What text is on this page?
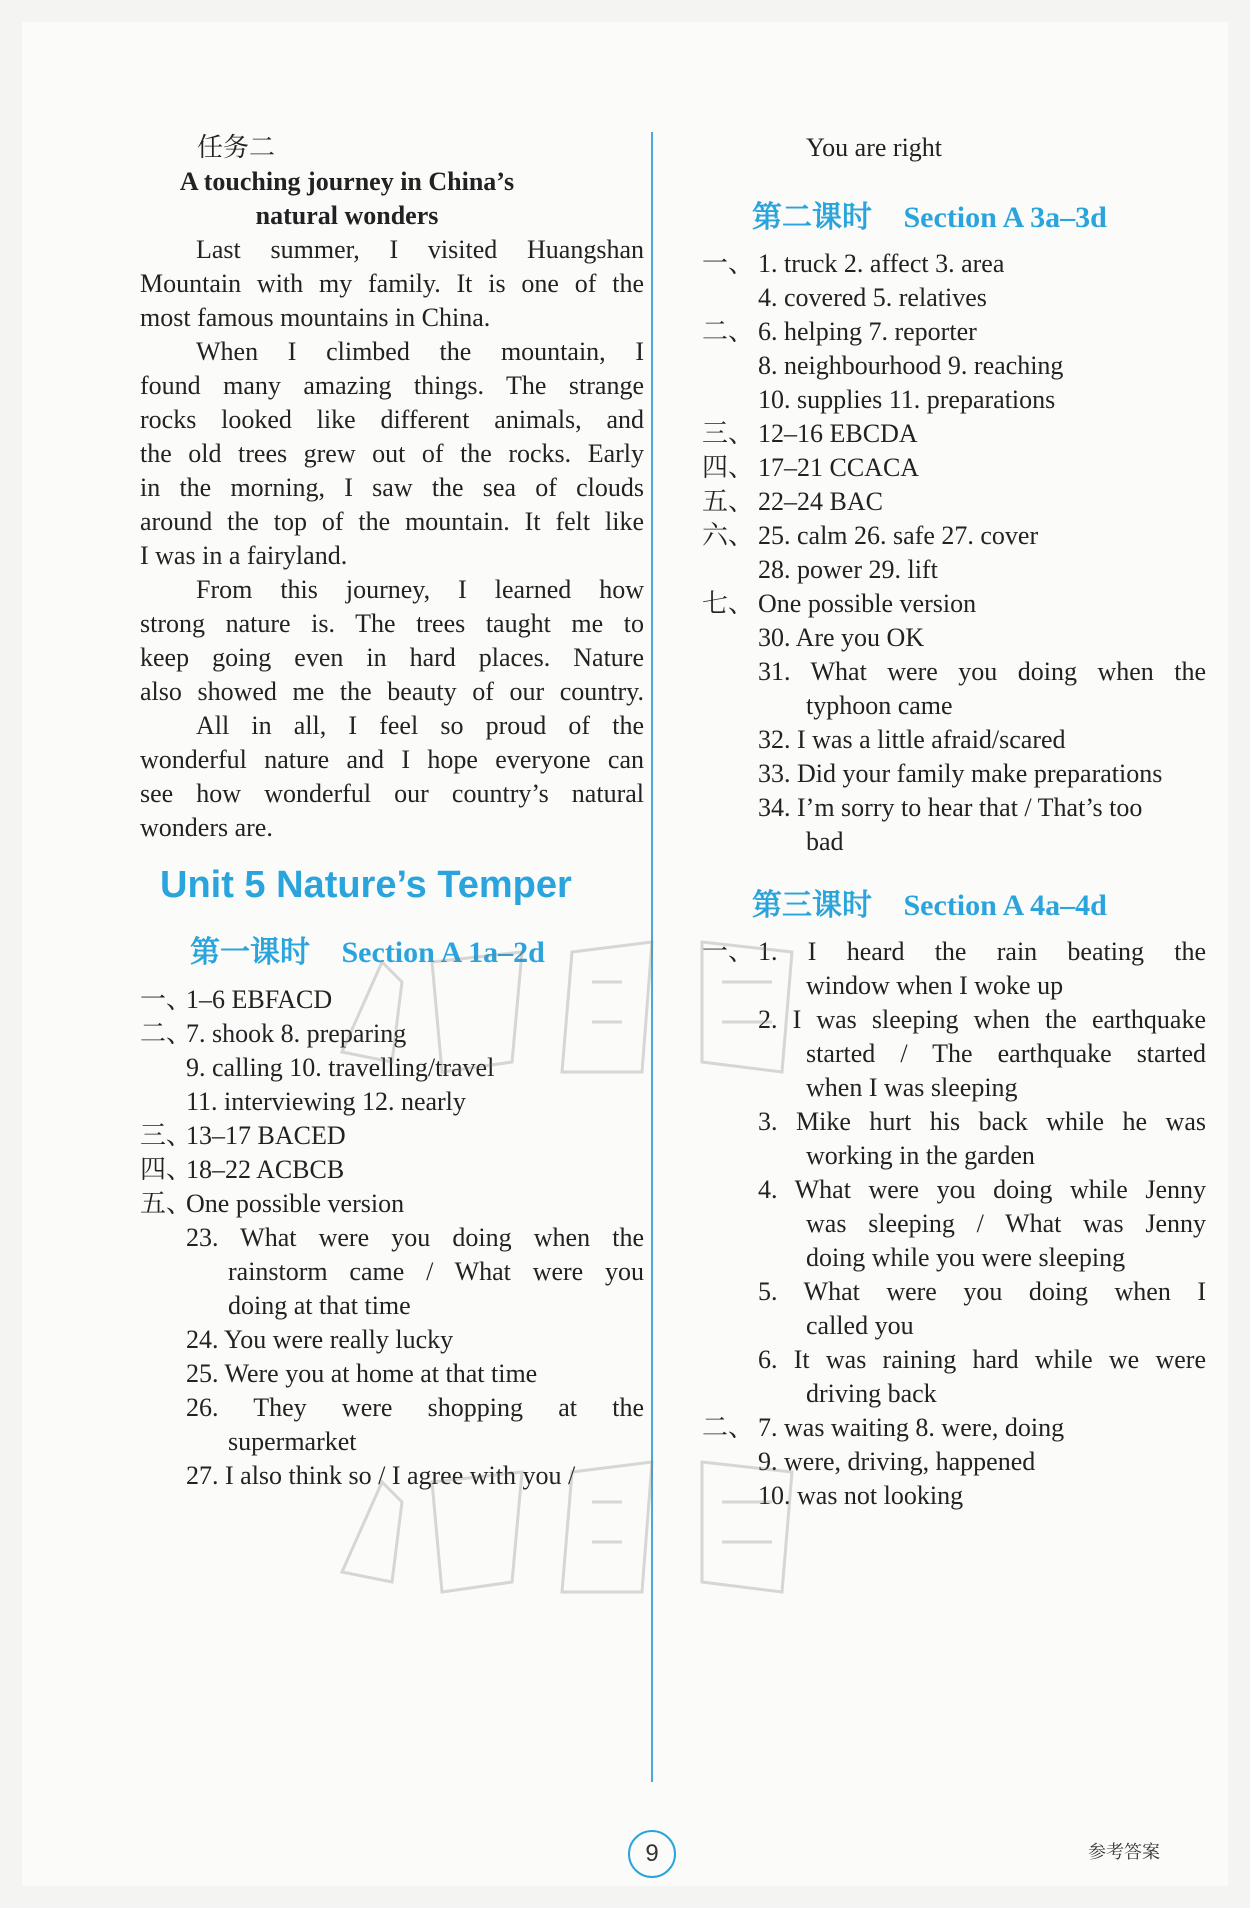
任务二
A touching journey in China’s
natural wonders
Last summer, I visited Huangshan
Mountain with my family. It is one of the
most famous mountains in China.
When I climbed the mountain, I
found many amazing things. The strange
rocks looked like different animals, and
the old trees grew out of the rocks. Early
in the morning, I saw the sea of clouds
around the top of the mountain. It felt like
I was in a fairyland.
From this journey, I learned how
strong nature is. The trees taught me to
keep going even in hard places. Nature
also showed me the beauty of our country.
All in all, I feel so proud of the
wonderful nature and I hope everyone can
see how wonderful our country’s natural
wonders are.
Unit 5 Nature’s Temper
第一课时 Section A 1a–2d
一、
1–6 EBFACD
二、
7. shook 8. preparing
9. calling 10. travelling/travel
11. interviewing 12. nearly
三、
13–17 BACED
四、
18–22 ACBCB
五、
One possible version
23. What were you doing when the
rainstorm came / What were you
doing at that time
24. You were really lucky
25. Were you at home at that time
26. They were shopping at the
supermarket
27. I also think so / I agree with you /
You are right
第二课时 Section A 3a–3d
一、 1. truck 2. affect 3. area
4. covered 5. relatives
二、 6. helping 7. reporter
8. neighbourhood 9. reaching
10. supplies 11. preparations
三、 12–16 EBCDA
四、 17–21 CCACA
五、 22–24 BAC
六、 25. calm 26. safe 27. cover
28. power 29. lift
七、 One possible version
30. Are you OK
31. What were you doing when the
typhoon came
32. I was a little afraid/scared
33. Did your family make preparations
34. I’m sorry to hear that / That’s too
bad
第三课时 Section A 4a–4d
一、 1. I heard the rain beating the
window when I woke up
2. I was sleeping when the earthquake
started / The earthquake started
when I was sleeping
3. Mike hurt his back while he was
working in the garden
4. What were you doing while Jenny
was sleeping / What was Jenny
doing while you were sleeping
5. What were you doing when I
called you
6. It was raining hard while we were
driving back
二、 7. was waiting 8. were, doing
9. were, driving, happened
10. was not looking
9	参考答案
